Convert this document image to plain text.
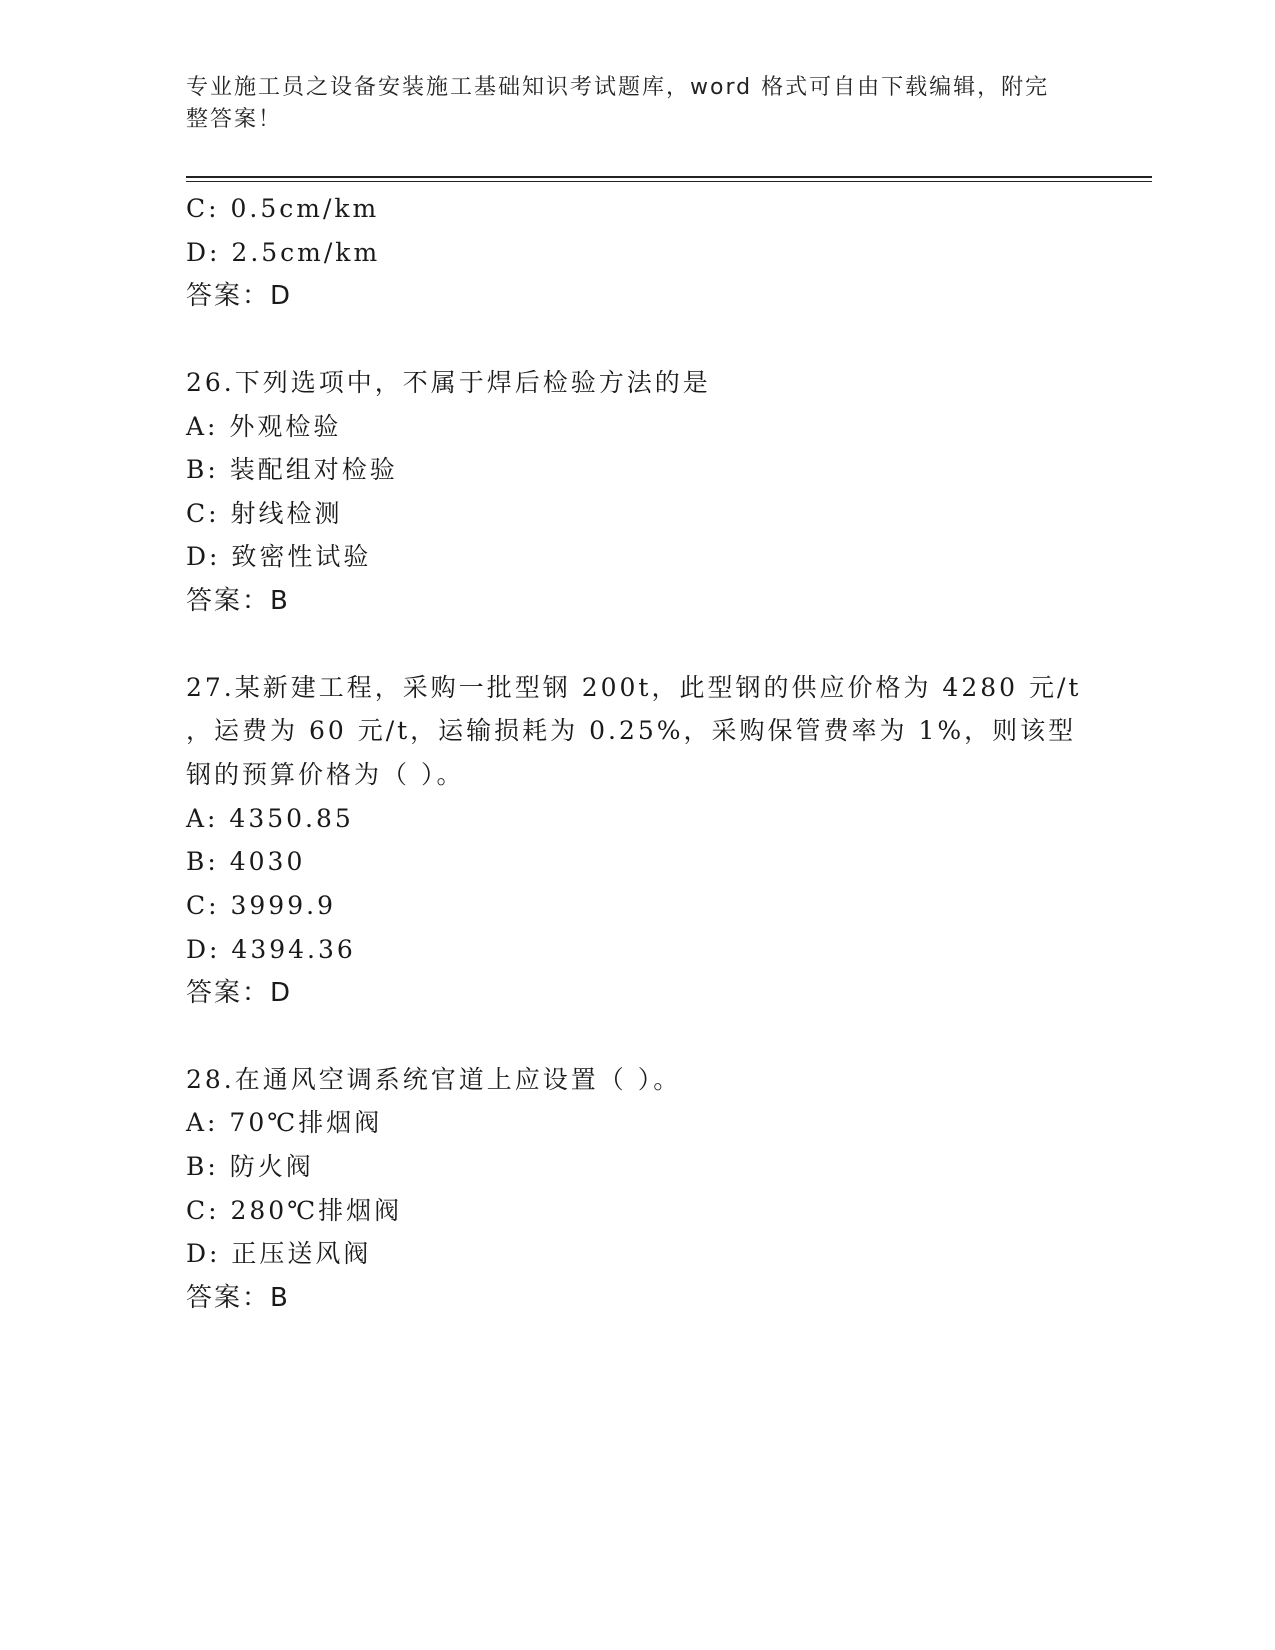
专业施工员之设备安装施工基础知识考试题库，word 格式可自由下载编辑，附完
整答案！
C: 0.5cm/km
D: 2.5cm/km
答案：D
26.下列选项中，不属于焊后检验方法的是
A: 外观检验
B: 装配组对检验
C: 射线检测
D: 致密性试验
答案：B
27.某新建工程，采购一批型钢 200t，此型钢的供应价格为 4280 元/t
，运费为 60 元/t，运输损耗为 0.25%，采购保管费率为 1%，则该型
钢的预算价格为（ ）。
A: 4350.85
B: 4030
C: 3999.9
D: 4394.36
答案：D
28.在通风空调系统官道上应设置（ ）。
A: 70℃排烟阀
B: 防火阀
C: 280℃排烟阀
D: 正压送风阀
答案：B
